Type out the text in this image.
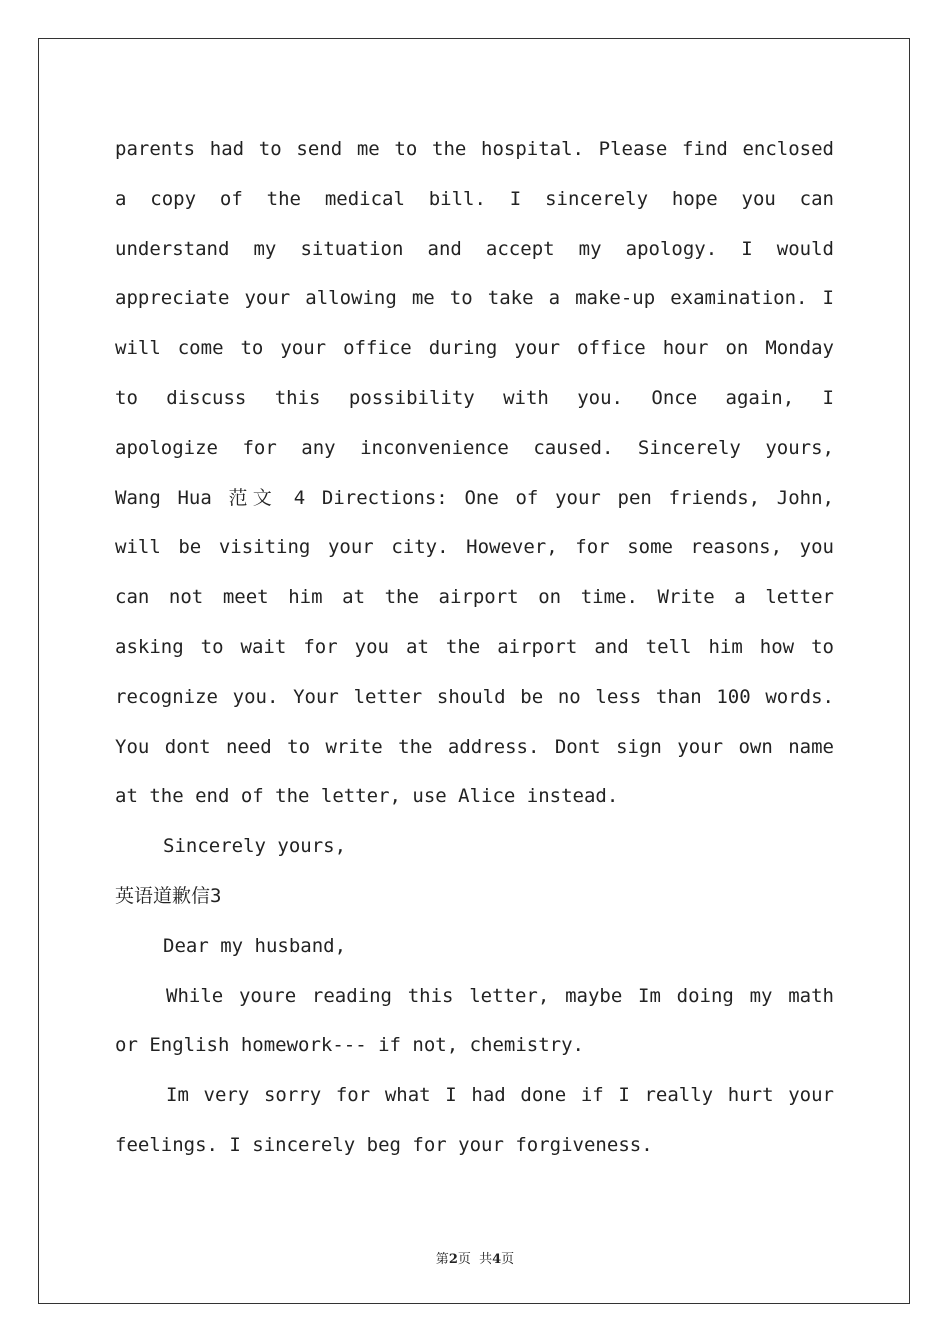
parents had to send me to the hospital. Please find enclosed
a copy of the medical bill. I sincerely hope you can
understand my situation and accept my apology. I would
appreciate your allowing me to take a make-up examination. I
will come to your office during your office hour on Monday
to discuss this possibility with you. Once again, I
apologize for any inconvenience caused. Sincerely yours,
Wang Hua 范文 4 Directions: One of your pen friends, John,
will be visiting your city. However, for some reasons, you
can not meet him at the airport on time. Write a letter
asking to wait for you at the airport and tell him how to
recognize you. Your letter should be no less than 100 words.
You dont need to write the address. Dont sign your own name
at the end of the letter, use Alice instead.
Sincerely yours,
英语道歉信3
Dear my husband,
While youre reading this letter, maybe Im doing my math
or English homework--- if not, chemistry.
Im very sorry for what I had done if I really hurt your
feelings. I sincerely beg for your forgiveness.
第2页  共4页
